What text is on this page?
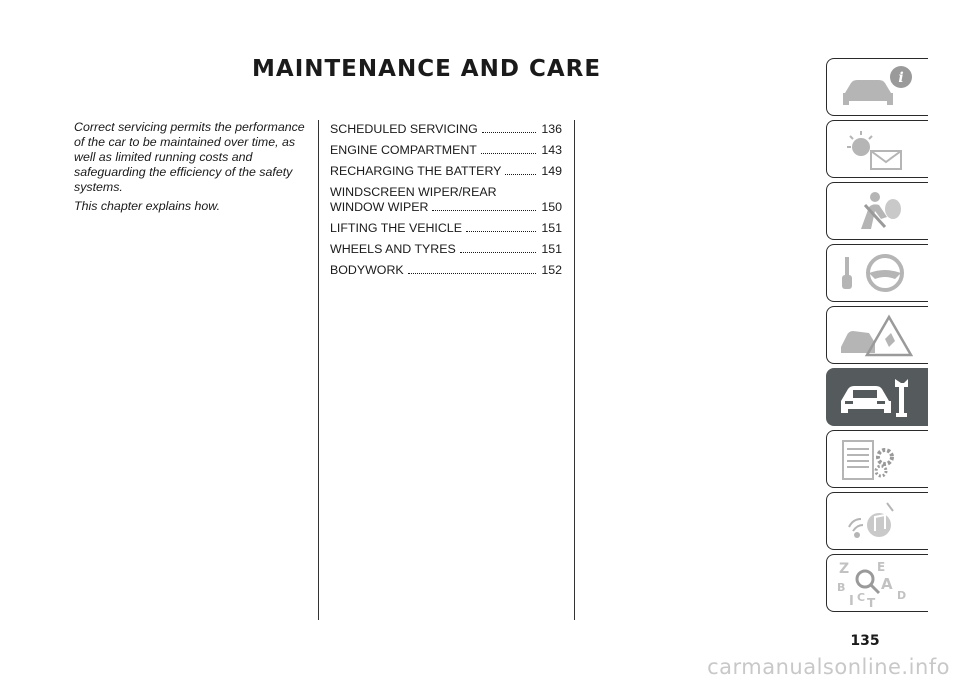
MAINTENANCE AND CARE

Correct servicing permits the performance of the car to be maintained over time, as well as limited running costs and safeguarding the efficiency of the safety systems.

This chapter explains how.

SCHEDULED SERVICING	136
ENGINE COMPARTMENT	143
RECHARGING THE BATTERY	149
WINDSCREEN WIPER/REAR
WINDOW WIPER	150
LIFTING THE VEHICLE	151
WHEELS AND TYRES	151
BODYWORK	152
i
Z E
B A
D
I C T
135
carmanualsonline.info
